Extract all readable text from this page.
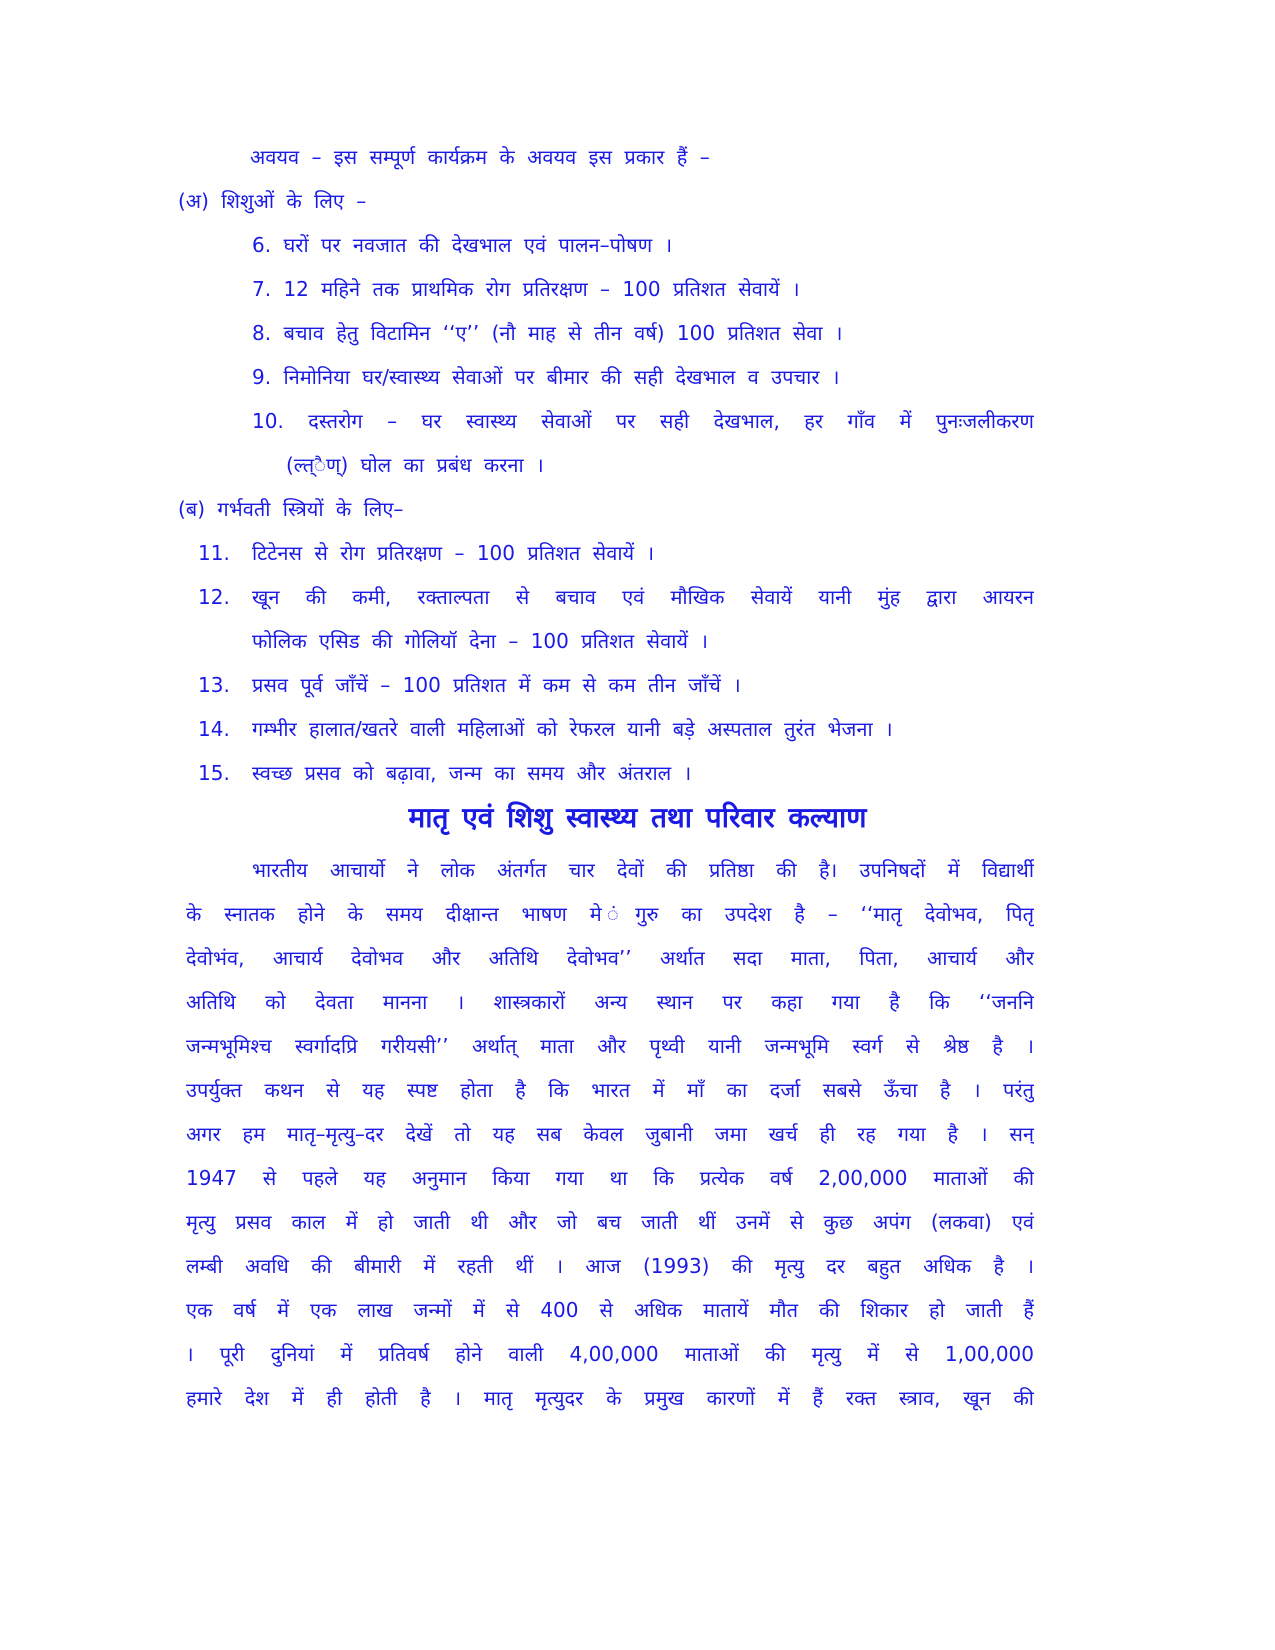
अवयव – इस सम्पूर्ण कार्यक्रम के अवयव इस प्रकार हैं –
(अ) शिशुओं के लिए –
6. घरों पर नवजात की देखभाल एवं पालन–पोषण ।
7. 12 महिने तक प्राथमिक रोग प्रतिरक्षण – 100 प्रतिशत सेवायें ।
8. बचाव हेतु विटामिन ‘‘ए’’ (नौ माह से तीन वर्ष) 100 प्रतिशत सेवा ।
9. निमोनिया घर/स्वास्थ्य सेवाओं पर बीमार की सही देखभाल व उपचार ।
10. दस्तरोग – घर स्वास्थ्य सेवाओं पर सही देखभाल, हर गाँव में पुनःजलीकरण
(ल्त्ैण्) घोल का प्रबंध करना ।
(ब) गर्भवती स्त्रियों के लिए–
11. टिटेनस से रोग प्रतिरक्षण – 100 प्रतिशत सेवायें ।
12. खून की कमी, रक्ताल्पता से बचाव एवं मौखिक सेवायें यानी मुंह द्वारा आयरन
फोलिक एसिड की गोलियॉ देना – 100 प्रतिशत सेवायें ।
13. प्रसव पूर्व जाँचें – 100 प्रतिशत में कम से कम तीन जाँचें ।
14. गम्भीर हालात/खतरे वाली महिलाओं को रेफरल यानी बड़े अस्पताल तुरंत भेजना ।
15. स्वच्छ प्रसव को बढ़ावा, जन्म का समय और अंतराल ।
मातृ एवं शिशु स्वास्थ्य तथा परिवार कल्याण
भारतीय आचार्यो ने लोक अंतर्गत चार देवों की प्रतिष्ठा की है। उपनिषदों में विद्यार्थी
के स्नातक होने के समय दीक्षान्त भाषण मे ंगुरु का उपदेश है – ‘‘मातृ देवोभव, पितृ
देवोभंव, आचार्य देवोभव और अतिथि देवोभव’’ अर्थात सदा माता, पिता, आचार्य और
अतिथि को देवता मानना । शास्त्रकारों अन्य स्थान पर कहा गया है कि ‘‘जननि
जन्मभूमिश्च स्वर्गादप्रि गरीयसी’’ अर्थात् माता और पृथ्वी यानी जन्मभूमि स्वर्ग से श्रेष्ठ है ।
उपर्युक्त कथन से यह स्पष्ट होता है कि भारत में माँ का दर्जा सबसे ऊँचा है । परंतु
अगर हम मातृ–मृत्यु–दर देखें तो यह सब केवल जुबानी जमा खर्च ही रह गया है । सन्
1947 से पहले यह अनुमान किया गया था कि प्रत्येक वर्ष 2,00,000 माताओं की
मृत्यु प्रसव काल में हो जाती थी और जो बच जाती थीं उनमें से कुछ अपंग (लकवा) एवं
लम्बी अवधि की बीमारी में रहती थीं । आज (1993) की मृत्यु दर बहुत अधिक है ।
एक वर्ष में एक लाख जन्मों में से 400 से अधिक मातायें मौत की शिकार हो जाती हैं
। पूरी दुनियां में प्रतिवर्ष होने वाली 4,00,000 माताओं की मृत्यु में से 1,00,000
हमारे देश में ही होती है । मातृ मृत्युदर के प्रमुख कारणों में हैं रक्त स्त्राव, खून की
